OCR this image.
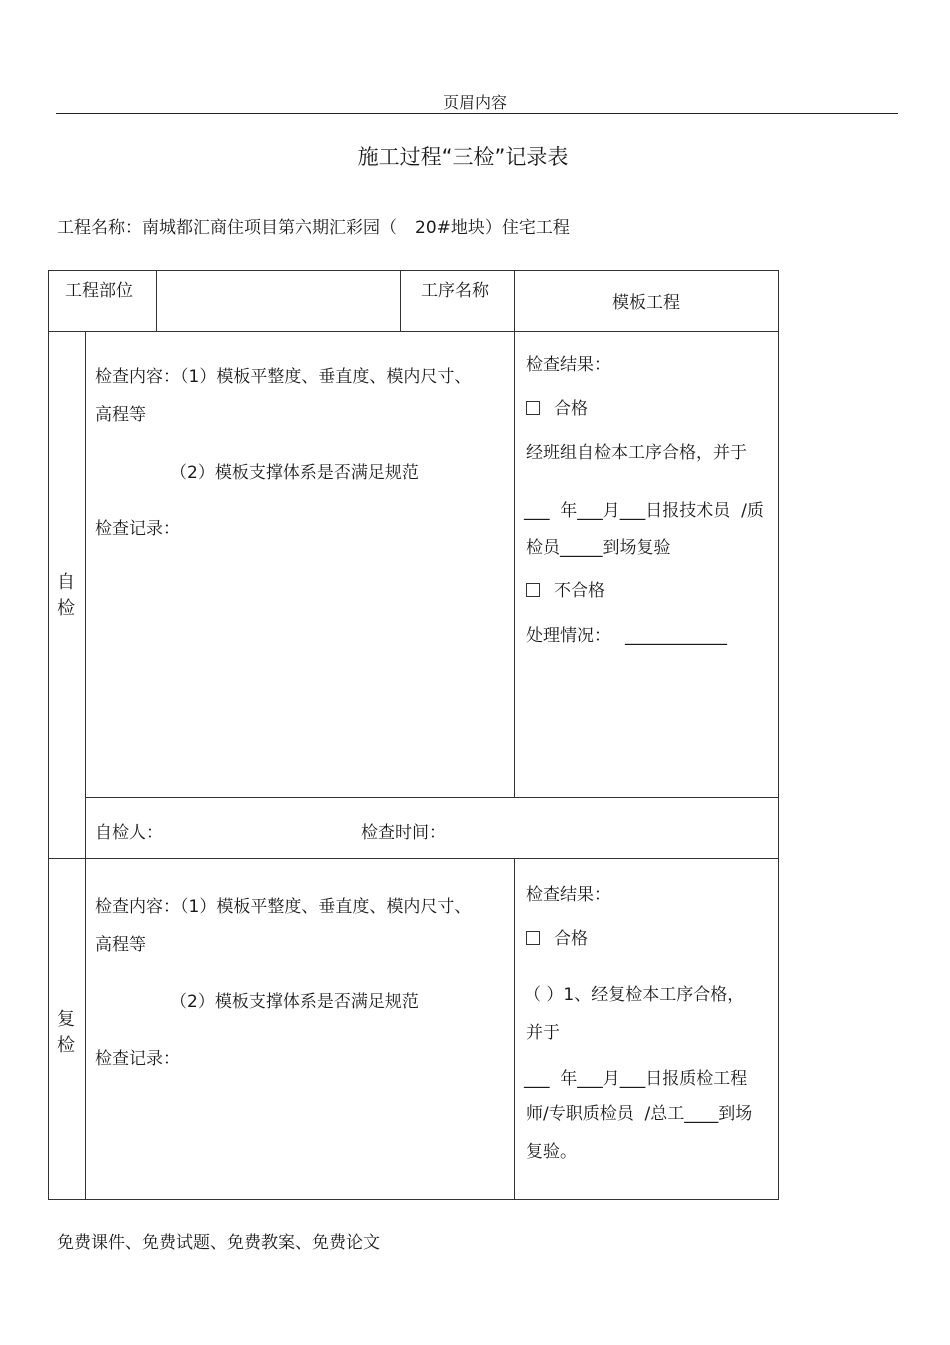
页眉内容
施工过程“三检”记录表
工程名称：南城都汇商住项目第六期汇彩园（ 20#地块）住宅工程
工程部位	工序名称
模板工程
自
检
检查内容：（1）模板平整度、垂直度、模内尺寸、
高程等
（2）模板支撑体系是否满足规范
检查记录：
检查结果：
合格
经班组自检本工序合格，并于
___  年___月___日报技术员  /质
检员_____到场复验
不合格
处理情况： ____________
自检人：	检查时间：
复
检
检查内容：（1）模板平整度、垂直度、模内尺寸、
高程等
（2）模板支撑体系是否满足规范
检查记录：
检查结果：
合格
（ ）1、经复检本工序合格，
并于
___  年___月___日报质检工程
师/专职质检员  /总工____到场
复验。
免费课件、免费试题、免费教案、免费论文
